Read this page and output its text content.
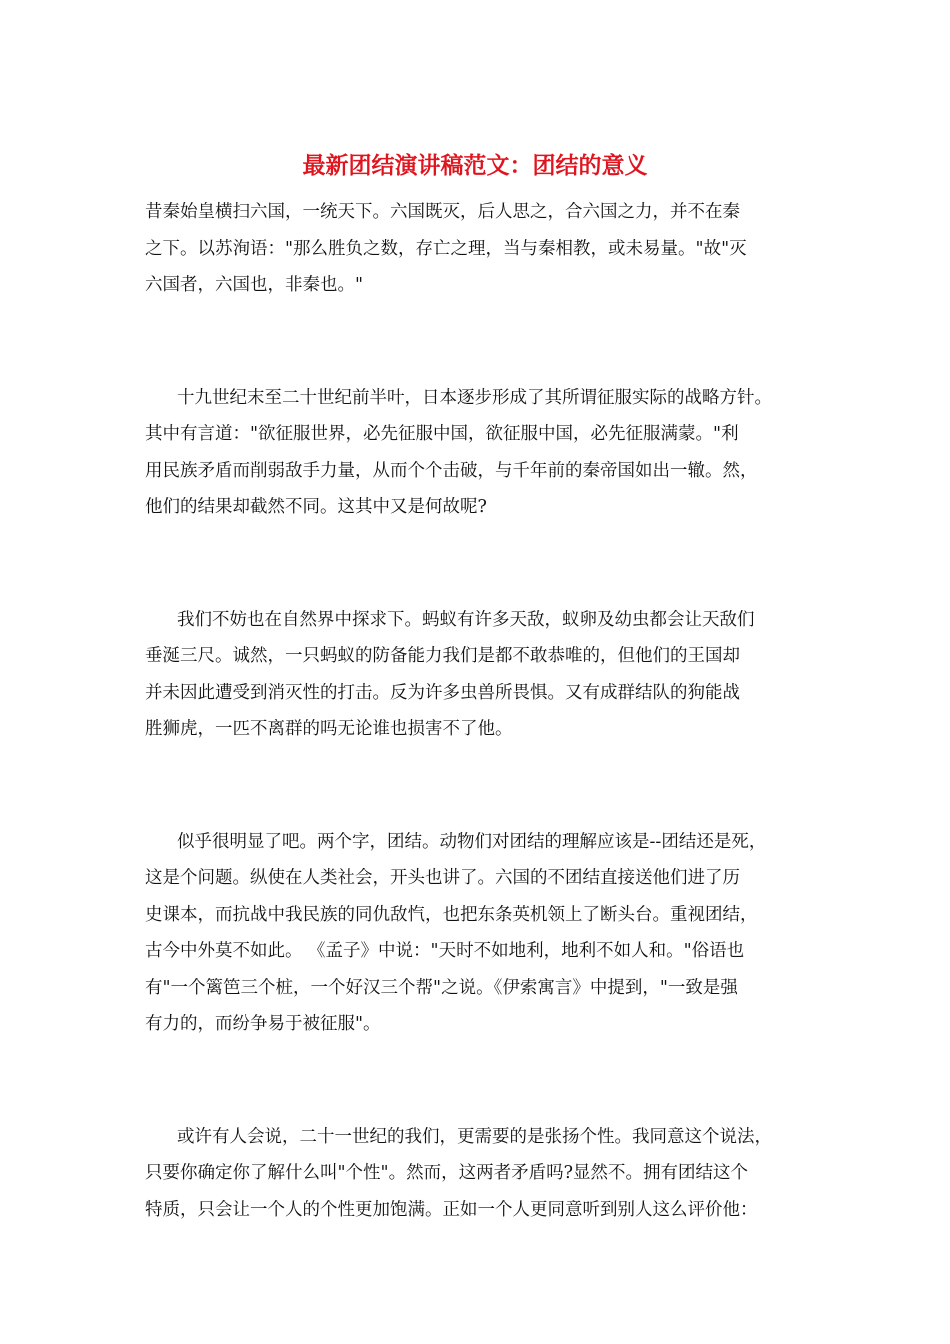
最新团结演讲稿范文：团结的意义
昔秦始皇横扫六国，一统天下。六国既灭，后人思之，合六国之力，并不在秦
之下。以苏洵语："那么胜负之数，存亡之理，当与秦相教，或未易量。"故"灭
六国者，六国也，非秦也。"
十九世纪末至二十世纪前半叶，日本逐步形成了其所谓征服实际的战略方针。
其中有言道："欲征服世界，必先征服中国，欲征服中国，必先征服满蒙。"利
用民族矛盾而削弱敌手力量，从而个个击破，与千年前的秦帝国如出一辙。然，
他们的结果却截然不同。这其中又是何故呢?
我们不妨也在自然界中探求下。蚂蚁有许多天敌，蚁卵及幼虫都会让天敌们
垂涎三尺。诚然，一只蚂蚁的防备能力我们是都不敢恭唯的，但他们的王国却
并未因此遭受到消灭性的打击。反为许多虫兽所畏惧。又有成群结队的狗能战
胜狮虎，一匹不离群的吗无论谁也损害不了他。
似乎很明显了吧。两个字，团结。动物们对团结的理解应该是--团结还是死，
这是个问题。纵使在人类社会，开头也讲了。六国的不团结直接送他们进了历
史课本，而抗战中我民族的同仇敌忾，也把东条英机领上了断头台。重视团结，
古今中外莫不如此。 《孟子》中说："天时不如地利，地利不如人和。"俗语也
有"一个篱笆三个桩，一个好汉三个帮"之说。《伊索寓言》中提到，"一致是强
有力的，而纷争易于被征服"。
或许有人会说，二十一世纪的我们，更需要的是张扬个性。我同意这个说法，
只要你确定你了解什么叫"个性"。然而，这两者矛盾吗?显然不。拥有团结这个
特质，只会让一个人的个性更加饱满。正如一个人更同意听到别人这么评价他：
